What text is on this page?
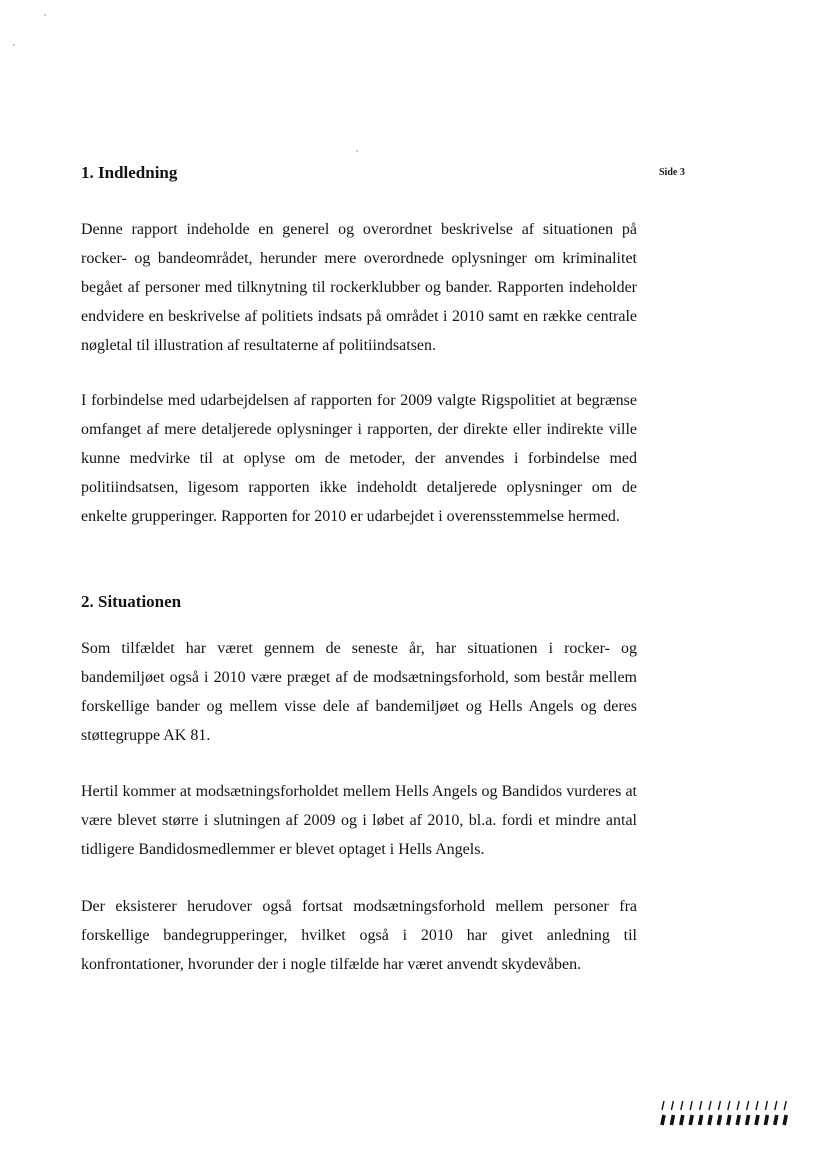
1. Indledning	Side 3

Denne rapport indeholde en generel og overordnet beskrivelse af situationen på rocker- og bandeområdet, herunder mere overordnede oplysninger om kriminalitet begået af personer med tilknytning til rockerklubber og bander. Rapporten indeholder endvidere en beskrivelse af politiets indsats på området i 2010 samt en række centrale nøgletal til illustration af resultaterne af politiindsatsen.

I forbindelse med udarbejdelsen af rapporten for 2009 valgte Rigspolitiet at begrænse omfanget af mere detaljerede oplysninger i rapporten, der direkte eller indirekte ville kunne medvirke til at oplyse om de metoder, der anvendes i forbindelse med politiindsatsen, ligesom rapporten ikke indeholdt detaljerede oplysninger om de enkelte grupperinger. Rapporten for 2010 er udarbejdet i overensstemmelse hermed.

2. Situationen

Som tilfældet har været gennem de seneste år, har situationen i rocker- og bandemiljøet også i 2010 være præget af de modsætningsforhold, som består mellem forskellige bander og mellem visse dele af bandemiljøet og Hells Angels og deres støttegruppe AK 81.

Hertil kommer at modsætningsforholdet mellem Hells Angels og Bandidos vurderes at være blevet større i slutningen af 2009 og i løbet af 2010, bl.a. fordi et mindre antal tidligere Bandidosmedlemmer er blevet optaget i Hells Angels.

Der eksisterer herudover også fortsat modsætningsforhold mellem personer fra forskellige bandegrupperinger, hvilket også i 2010 har givet anledning til konfrontationer, hvorunder der i nogle tilfælde har været anvendt skydevåben.
